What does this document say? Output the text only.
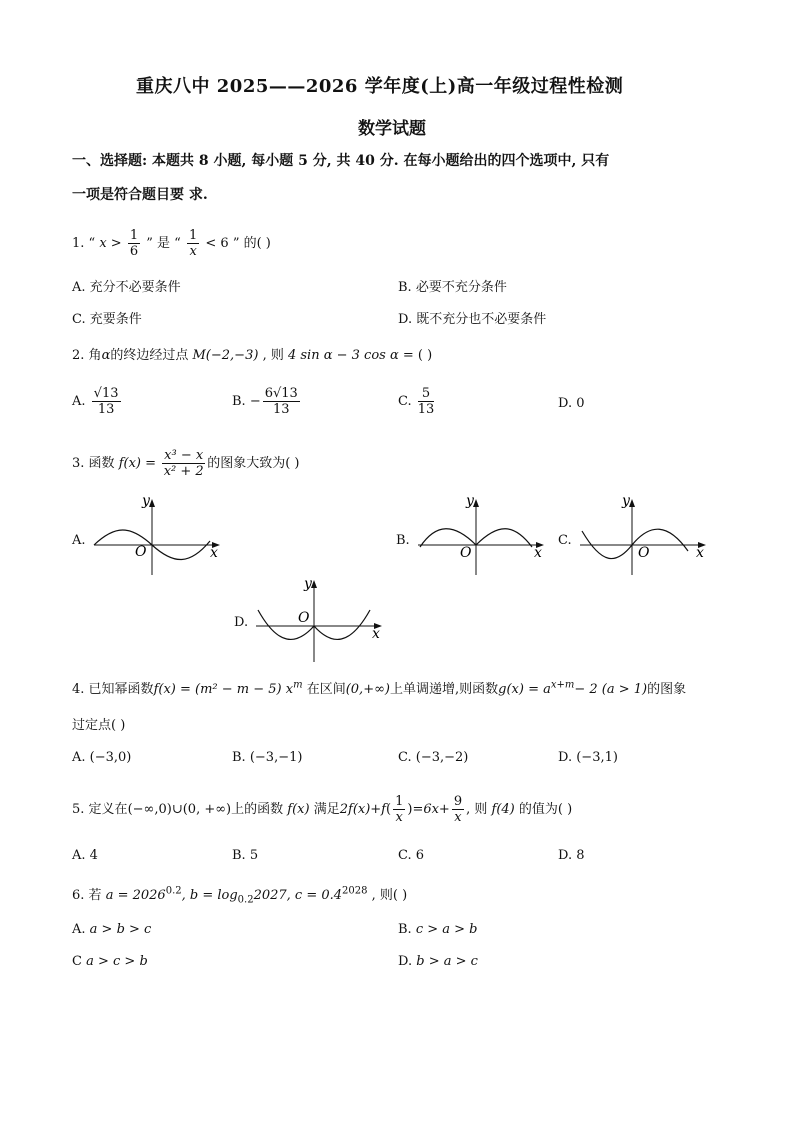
重庆八中 2025——2026 学年度(上)高一年级过程性检测
数学试题
一、选择题: 本题共 8 小题, 每小题 5 分, 共 40 分. 在每小题给出的四个选项中, 只有
一项是符合题目要 求.
1. “ $x > \frac{1}{6}$ ” 是 “ $\frac{1}{x} < 6$ ” 的( )
A. 充分不必要条件	B. 必要不充分条件
C. 充要条件	D. 既不充分也不必要条件
2. 角α的终边经过点 M(−2,−3) , 则 4 sin α − 3 cos α = ( )
A. $\frac{√13}{13}$	B. − $\frac{6√13}{13}$	C. $\frac{5}{13}$	D. 0
3. 函数 $f(x) = \frac{\text{x³ − x}}{\text{x² + 2}}$ 的图象大致为( )
A.
y
O	x
B.
y
O	x
C.
y
O	x
D.
y
O
x
4. 已知幂函数f(x) = (m² − m − 5) $x^m$ 在区间(0,+∞)上单调递增,则函数$g(x) = a^{x+m}- 2$ (a > 1)的图象
过定点( )
A. (−3,0)	B. (−3,−1)	C. (−3,−2)	D. (−3,1)
5. 定义在(−∞,0)∪(0, +∞)上的函数 f(x) 满足$2f(x)+f( \frac{1}{x} )=6x+ \frac{9}{x}$ , 则 f(4) 的值为( )
A. 4	B. 5	C. 6	D. 8
6. 若 $a = 2026^{0.2}$, $b = \log_{0.2}2027$, $c = 0.4^{2028}$ , 则( )
A. a > b > c	B. c > a > b
C a > c > b	D. b > a > c
